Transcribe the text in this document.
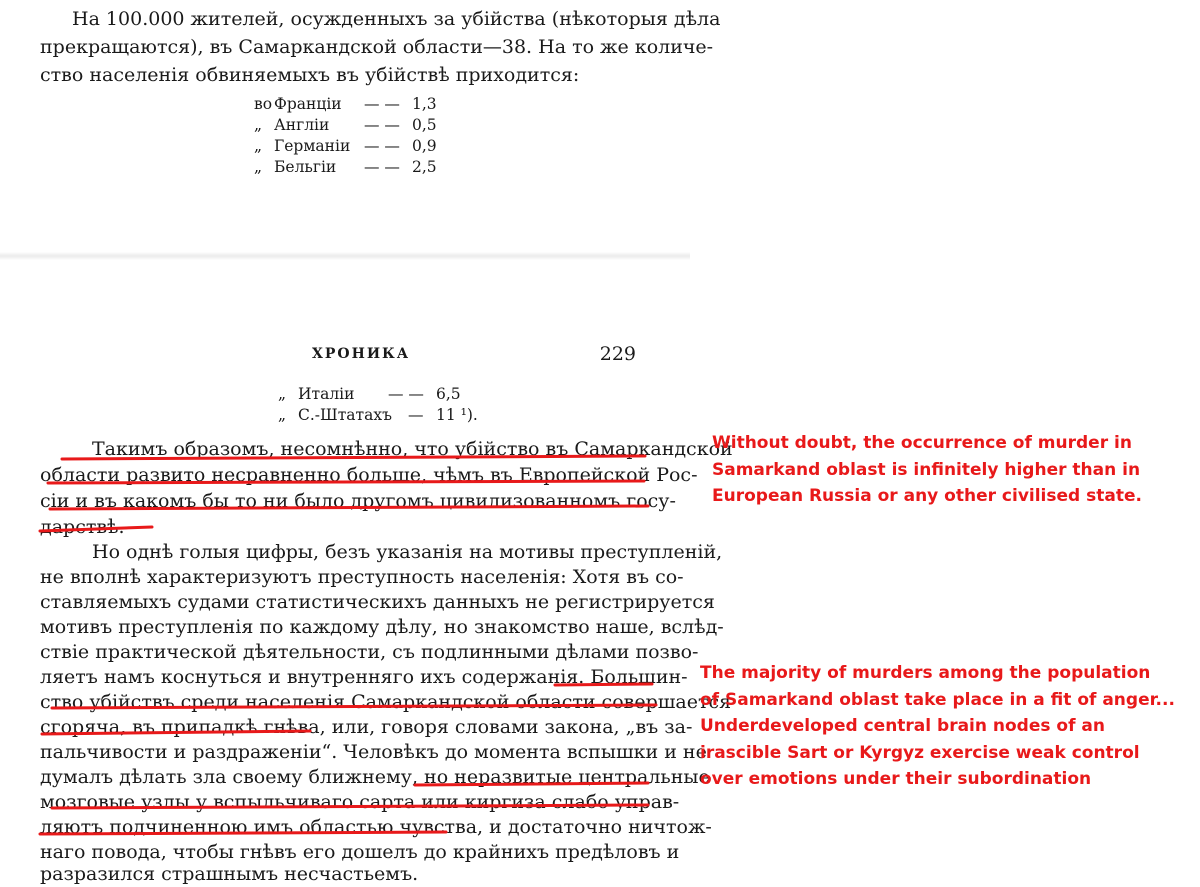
На 100.000 жителей, осужденныхъ за убійства (нѣкоторыя дѣла
прекращаются), въ Самаркандской области—38. На то же количе-
ство населенія обвиняемыхъ въ убійствѣ приходится:
во Франціи	— — 1,3
„ Англіи	— — 0,5
„ Германіи — — 0,9
„ Бельгіи	— — 2,5
ХРОНИКА	229
„ Италіи	— — 6,5
„ С.-Штатахъ	— 11 ¹).
Такимъ образомъ, несомнѣнно, что убійство въ Самаркандской
области развито несравненно больше, чѣмъ въ Европейской Рос-
сіи и въ какомъ бы то ни было другомъ цивилизованномъ госу-
дарствѣ.
Но однѣ голыя цифры, безъ указанія на мотивы преступленій,
не вполнѣ характеризуютъ преступность населенія: Хотя въ со-
ставляемыхъ судами статистическихъ данныхъ не регистрируется
мотивъ преступленія по каждому дѣлу, но знакомство наше, вслѣд-
ствіе практической дѣятельности, съ подлинными дѣлами позво-
ляетъ намъ коснуться и внутренняго ихъ содержанія. Большин-
ство убійствъ среди населенія Самаркандской области совершается
сгоряча, въ припадкѣ гнѣва, или, говоря словами закона, „въ за-
пальчивости и раздраженіи“. Человѣкъ до момента вспышки и не
думалъ дѣлать зла своему ближнему, но неразвитые центральные
мозговые узлы у вспыльчиваго сарта или киргиза слабо управ-
ляютъ подчиненною имъ областью чувства, и достаточно ничтож-
наго повода, чтобы гнѣвъ его дошелъ до крайнихъ предѣловъ и
разразился страшнымъ несчастьемъ.
Without doubt, the occurrence of murder in
Samarkand oblast is infinitely higher than in
European Russia or any other civilised state.
The majority of murders among the population
of Samarkand oblast take place in a fit of anger...
Underdeveloped central brain nodes of an
irascible Sart or Kyrgyz exercise weak control
over emotions under their subordination
